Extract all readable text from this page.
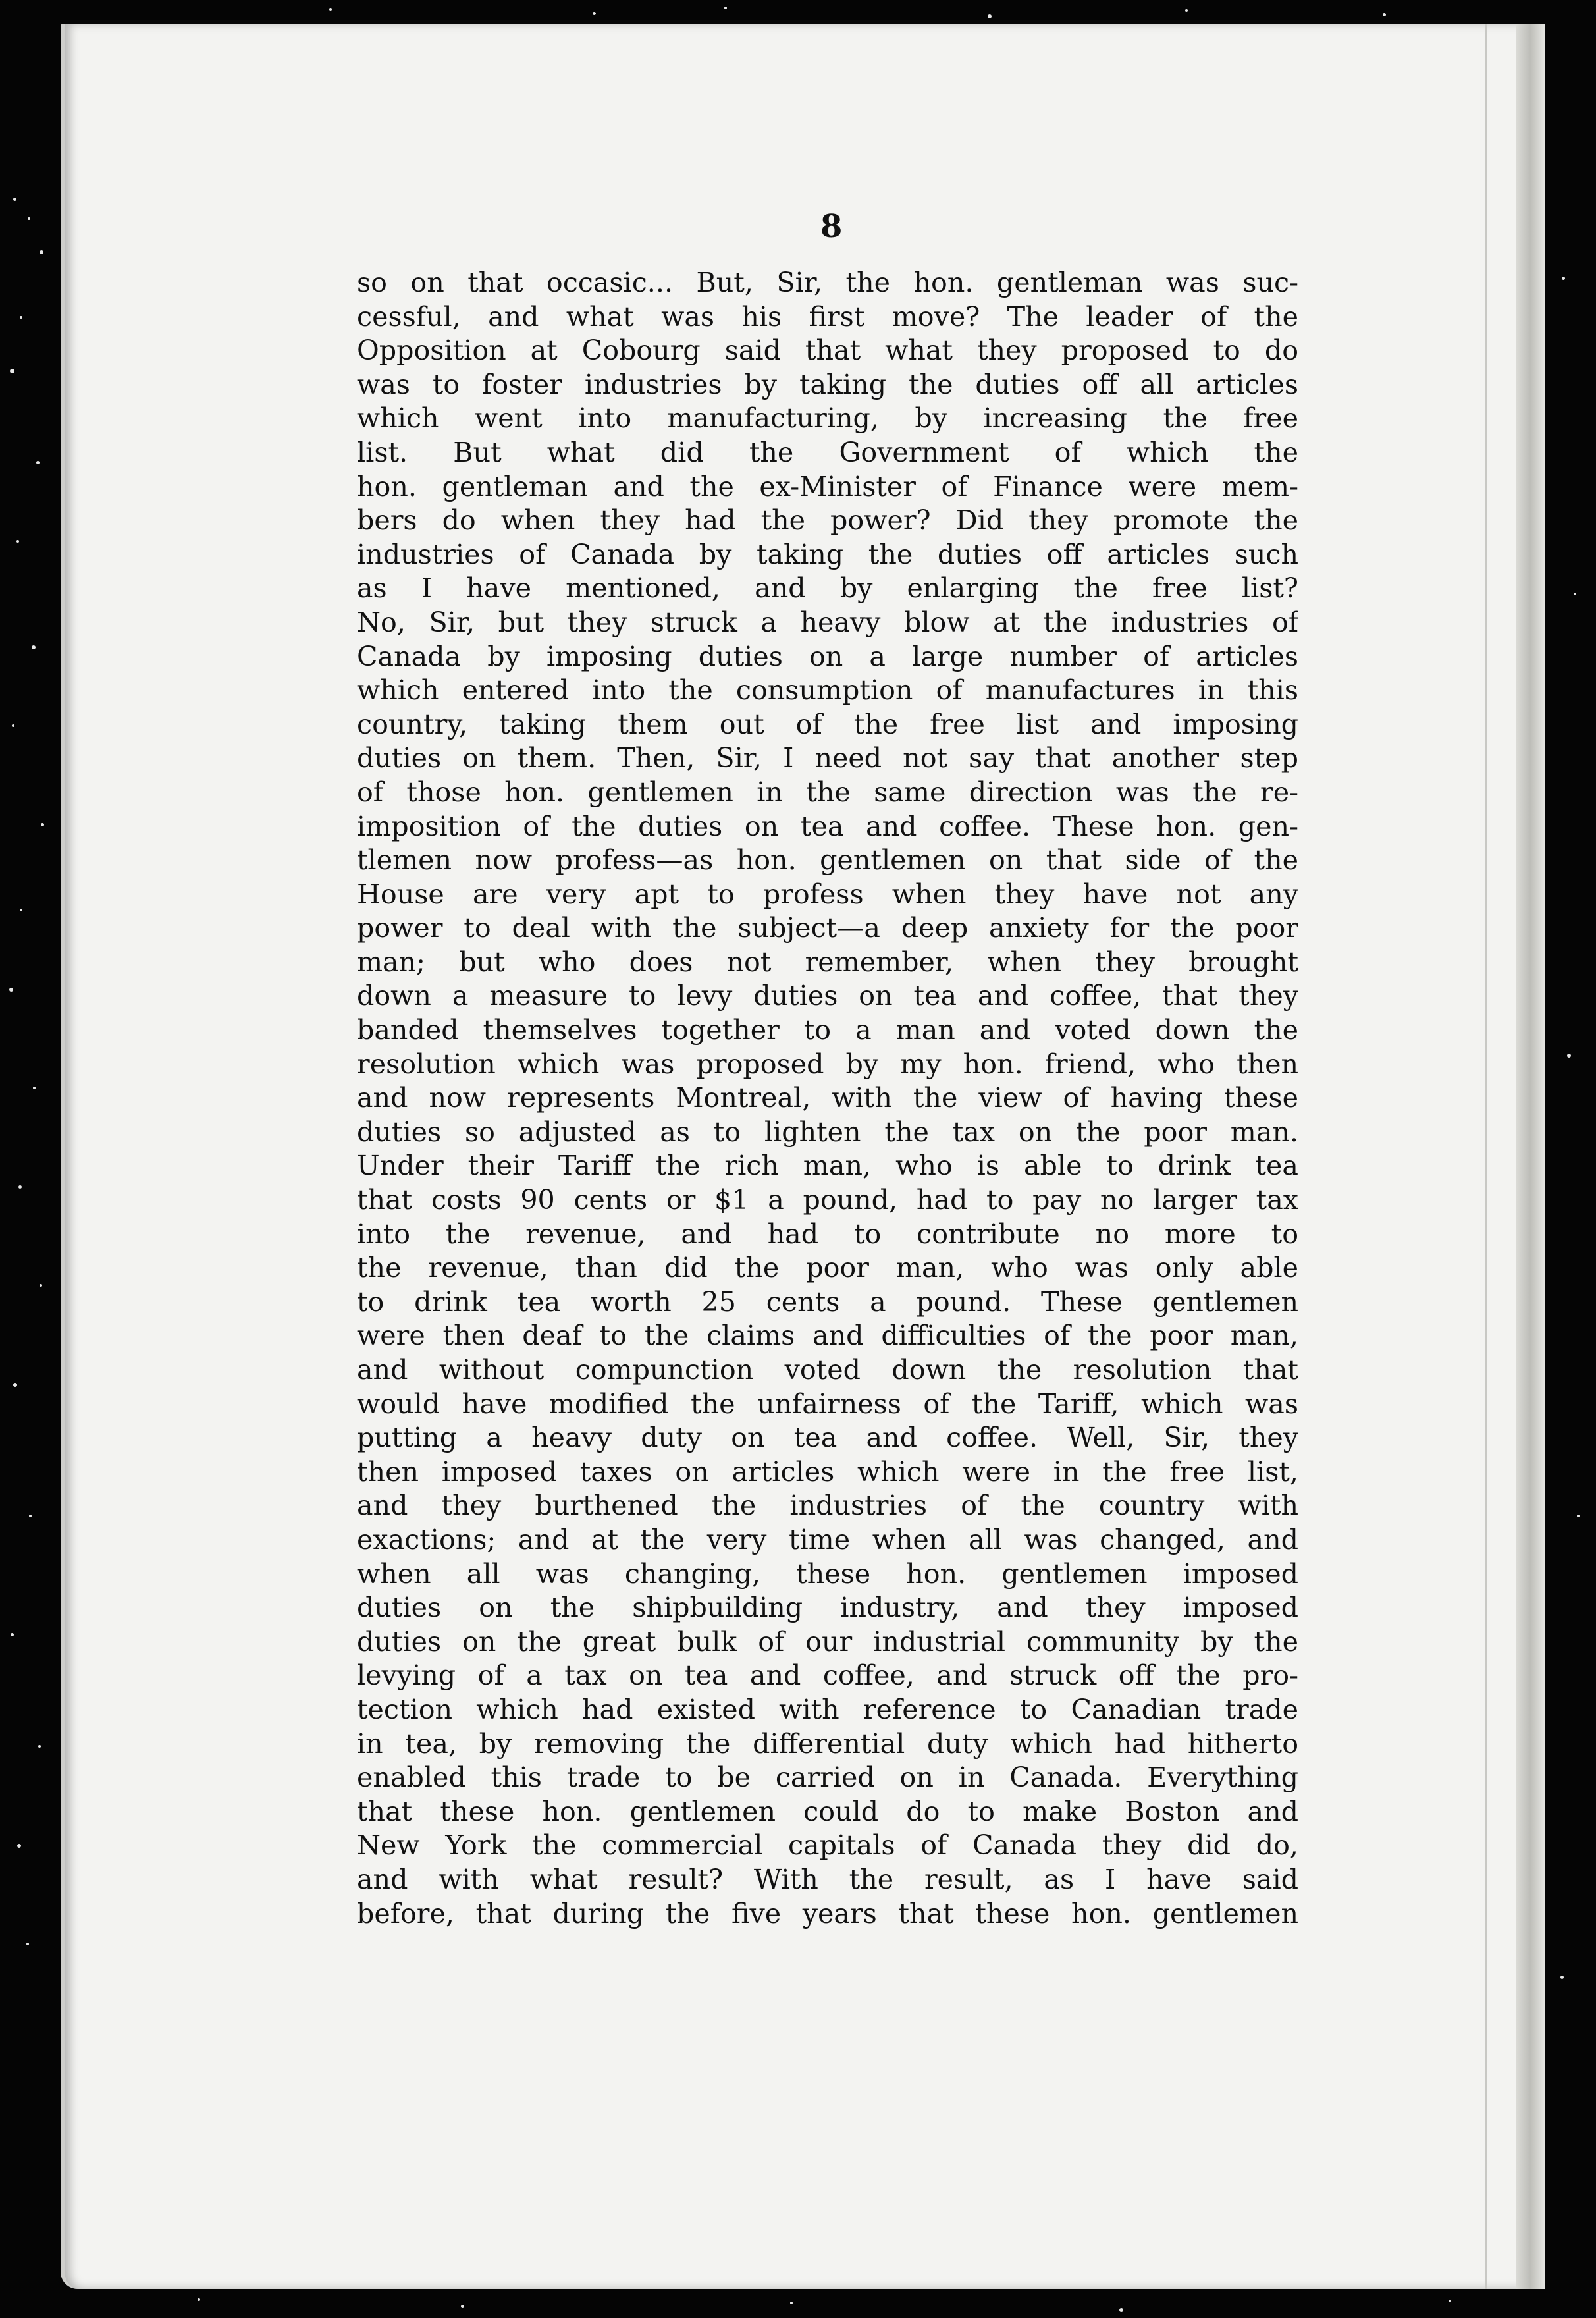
8
so on that occasic... But, Sir, the hon. gentleman was suc-
cessful, and what was his first move? The leader of the
Opposition at Cobourg said that what they proposed to do
was to foster industries by taking the duties off all articles
which went into manufacturing, by increasing the free
list. But what did the Government of which the
hon. gentleman and the ex-Minister of Finance were mem-
bers do when they had the power? Did they promote the
industries of Canada by taking the duties off articles such
as I have mentioned, and by enlarging the free list?
No, Sir, but they struck a heavy blow at the industries of
Canada by imposing duties on a large number of articles
which entered into the consumption of manufactures in this
country, taking them out of the free list and imposing
duties on them. Then, Sir, I need not say that another step
of those hon. gentlemen in the same direction was the re-
imposition of the duties on tea and coffee. These hon. gen-
tlemen now profess—as hon. gentlemen on that side of the
House are very apt to profess when they have not any
power to deal with the subject—a deep anxiety for the poor
man; but who does not remember, when they brought
down a measure to levy duties on tea and coffee, that they
banded themselves together to a man and voted down the
resolution which was proposed by my hon. friend, who then
and now represents Montreal, with the view of having these
duties so adjusted as to lighten the tax on the poor man.
Under their Tariff the rich man, who is able to drink tea
that costs 90 cents or $1 a pound, had to pay no larger tax
into the revenue, and had to contribute no more to
the revenue, than did the poor man, who was only able
to drink tea worth 25 cents a pound. These gentlemen
were then deaf to the claims and difficulties of the poor man,
and without compunction voted down the resolution that
would have modified the unfairness of the Tariff, which was
putting a heavy duty on tea and coffee. Well, Sir, they
then imposed taxes on articles which were in the free list,
and they burthened the industries of the country with
exactions; and at the very time when all was changed, and
when all was changing, these hon. gentlemen imposed
duties on the shipbuilding industry, and they imposed
duties on the great bulk of our industrial community by the
levying of a tax on tea and coffee, and struck off the pro-
tection which had existed with reference to Canadian trade
in tea, by removing the differential duty which had hitherto
enabled this trade to be carried on in Canada. Everything
that these hon. gentlemen could do to make Boston and
New York the commercial capitals of Canada they did do,
and with what result? With the result, as I have said
before, that during the five years that these hon. gentlemen
